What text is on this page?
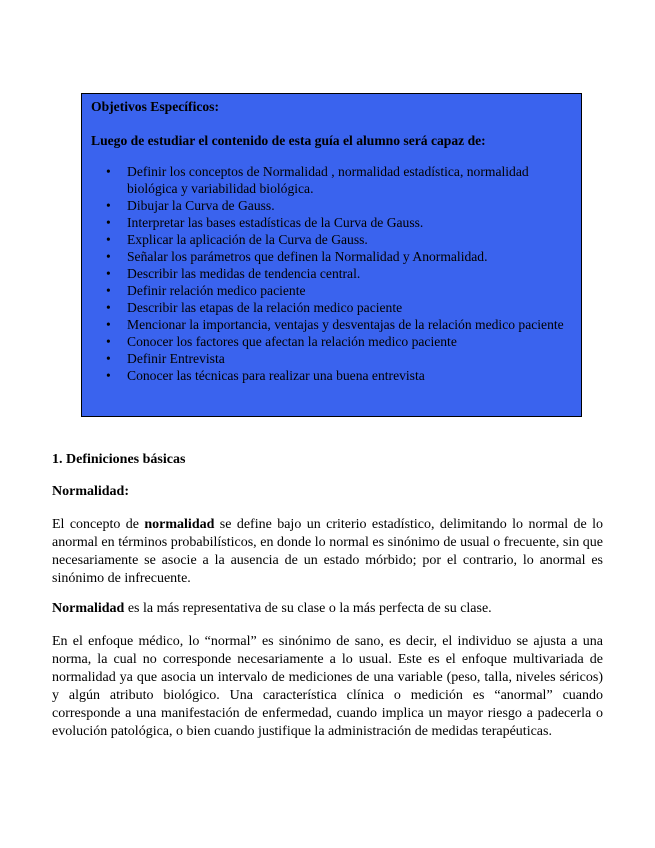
Objetivos Específicos:

Luego de estudiar el contenido de esta guía el alumno será capaz de:

• Definir los conceptos de Normalidad , normalidad estadística, normalidad biológica y variabilidad biológica.
• Dibujar la Curva de Gauss.
• Interpretar las bases estadísticas de la Curva de Gauss.
• Explicar la aplicación de la Curva de Gauss.
• Señalar los parámetros que definen la Normalidad y Anormalidad.
• Describir las medidas de tendencia central.
• Definir relación medico paciente
• Describir las etapas de la relación medico paciente
• Mencionar la importancia, ventajas y desventajas de la relación medico paciente
• Conocer los factores que afectan la relación medico paciente
• Definir Entrevista
• Conocer las técnicas para realizar una buena entrevista

1. Definiciones básicas

Normalidad:

El concepto de normalidad se define bajo un criterio estadístico, delimitando lo normal de lo anormal en términos probabilísticos, en donde lo normal es sinónimo de usual o frecuente, sin que necesariamente se asocie a la ausencia de un estado mórbido; por el contrario, lo anormal es sinónimo de infrecuente.

Normalidad es la más representativa de su clase o la más perfecta de su clase.

En el enfoque médico, lo “normal” es sinónimo de sano, es decir, el individuo se ajusta a una norma, la cual no corresponde necesariamente a lo usual. Este es el enfoque multivariada de normalidad ya que asocia un intervalo de mediciones de una variable (peso, talla, niveles séricos) y algún atributo biológico. Una característica clínica o medición es “anormal” cuando corresponde a una manifestación de enfermedad, cuando implica un mayor riesgo a padecerla o evolución patológica, o bien cuando justifique la administración de medidas terapéuticas.
